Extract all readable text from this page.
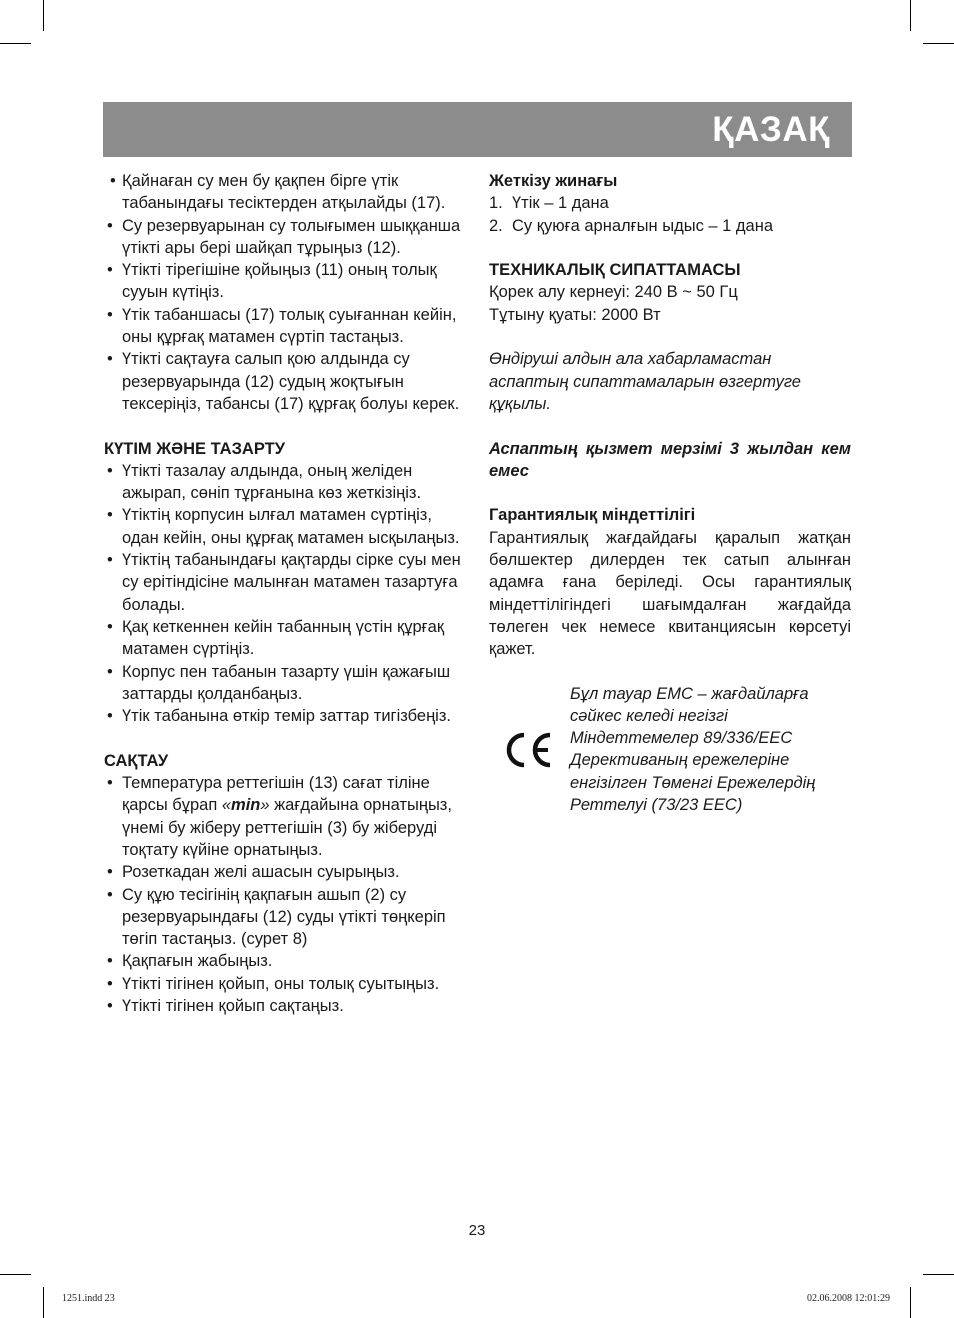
ҚАЗАҚ
• Қайнаған су мен бу қақпен бірге үтік табанындағы тесіктерден атқылайды (17).
• Су резервуарынан су толығымен шыққанша үтікті ары бері шайқап тұрыңыз (12).
• Үтікті тірегішіне қойыңыз (11) оның толық сууын күтіңіз.
• Үтік табаншасы (17) толық суығаннан кейін, оны құрғақ матамен сүртіп тастаңыз.
• Үтікті сақтауға салып қою алдында су резервуарында (12) судың жоқтығын тексеріңіз, табансы (17) құрғақ болуы керек.

КҮТІМ ЖӘНЕ ТАЗАРТУ

• Үтікті тазалау алдында, оның желіден ажырап, сөніп тұрғанына көз жеткізіңіз.
• Үтіктің корпусин ылғал матамен сүртіңіз, одан кейін, оны құрғақ матамен ысқылаңыз.
• Үтіктің табанындағы қақтарды сірке суы мен су ерітіндісіне малынған матамен тазартуға болады.
• Қақ кеткеннен кейін табанның үстін құрғақ матамен сүртіңіз.
• Корпус пен табанын тазарту үшін қажағыш заттарды қолданбаңыз.
• Үтік табанына өткір темір заттар тигізбеңіз.

САҚТАУ

• Температура реттегішін (13) сағат тіліне қарсы бұрап «min» жағдайына орнатыңыз, үнемі бу жіберу реттегішін (3) бу жіберуді тоқтату күйіне орнатыңыз.
• Розеткадан желі ашасын суырыңыз.
• Су құю тесігінің қақпағын ашып (2) су резервуарындағы (12) суды үтікті төңкеріп төгіп тастаңыз. (сурет 8)
• Қақпағын жабыңыз.
• Үтікті тігінен қойып, оны толық суытыңыз.
• Үтікті тігінен қойып сақтаңыз.

Жеткізу жинағы

1. Үтік – 1 дана
2. Су қуюға арналғын ыдыс – 1 дана

ТЕХНИКАЛЫҚ СИПАТТАМАСЫ

Қорек алу кернеуі: 240 В ~ 50 Гц

Тұтыну қуаты: 2000 Вт

Өндіруші алдын ала хабарламастан аспаптың сипаттамаларын өзгертуге құқылы.

Аспаптың қызмет мерзімі 3 жылдан кем емес

Гарантиялық міндеттілігі

Гарантиялық жағдайдағы қаралып жатқан бөлшектер дилерден тек сатып алынған адамға ғана беріледі. Осы гарантиялық міндеттілігіндегі шағымдалған жағдайда төлеген чек немесе квитанциясын көрсетуі қажет.

Бұл тауар ЕМС – жағдайларға сәйкес келеді негізгі Міндеттемелер 89/336/ЕЕС Дерективаның ережелеріне енгізілген Төменгі Ережелердің Реттелуі (73/23 ЕЕС)

23
1251.indd 23	02.06.2008 12:01:29
